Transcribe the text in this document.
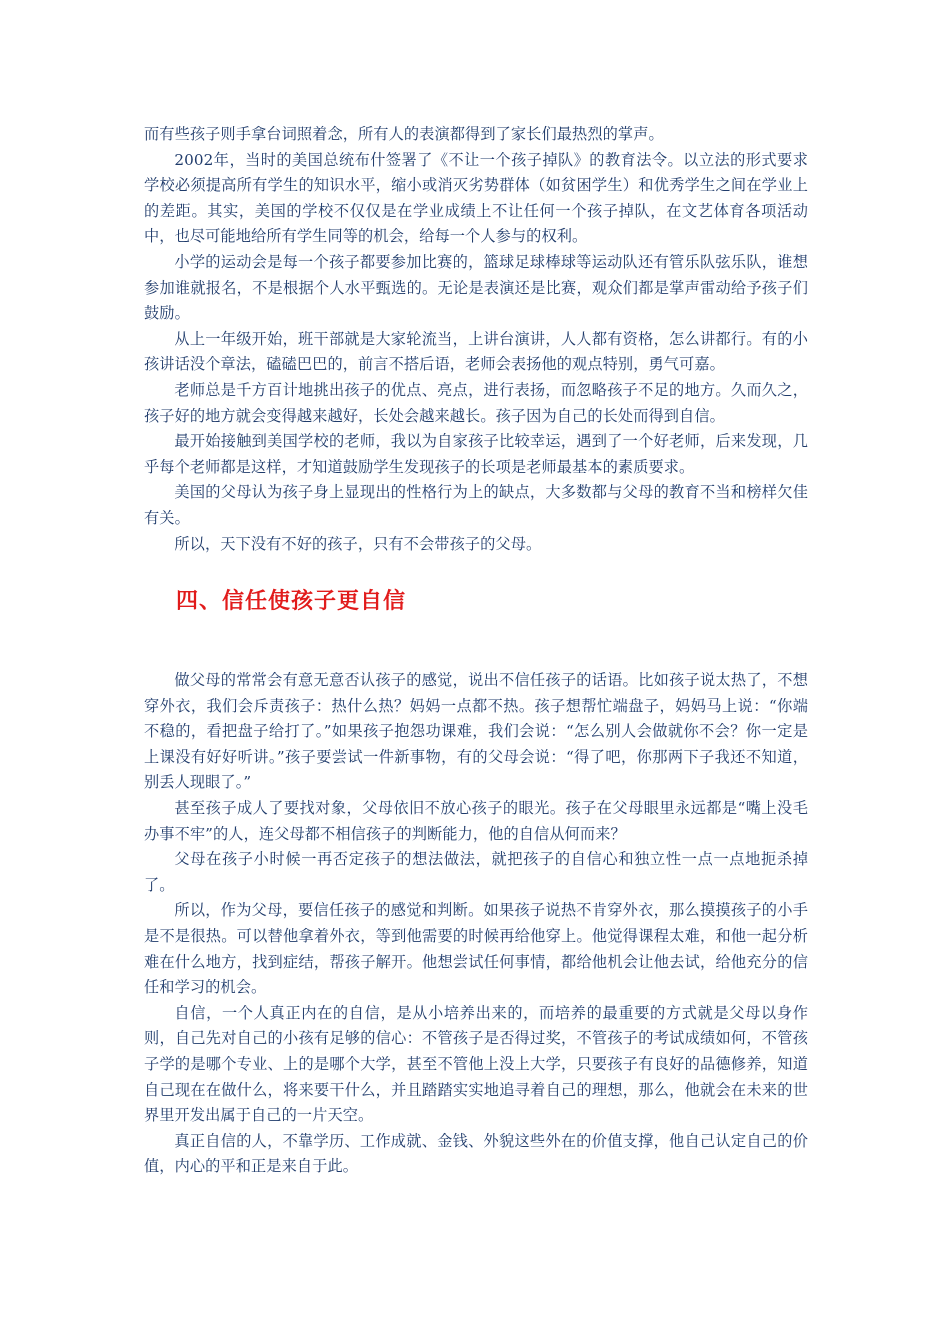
而有些孩子则手拿台词照着念，所有人的表演都得到了家长们最热烈的掌声。

2002年，当时的美国总统布什签署了《不让一个孩子掉队》的教育法令。以立法的形式要求学校必须提高所有学生的知识水平，缩小或消灭劣势群体（如贫困学生）和优秀学生之间在学业上的差距。其实，美国的学校不仅仅是在学业成绩上不让任何一个孩子掉队，在文艺体育各项活动中，也尽可能地给所有学生同等的机会，给每一个人参与的权利。

小学的运动会是每一个孩子都要参加比赛的，篮球足球棒球等运动队还有管乐队弦乐队，谁想参加谁就报名，不是根据个人水平甄选的。无论是表演还是比赛，观众们都是掌声雷动给予孩子们鼓励。

从上一年级开始，班干部就是大家轮流当，上讲台演讲，人人都有资格，怎么讲都行。有的小孩讲话没个章法，磕磕巴巴的，前言不搭后语，老师会表扬他的观点特别，勇气可嘉。

老师总是千方百计地挑出孩子的优点、亮点，进行表扬，而忽略孩子不足的地方。久而久之，孩子好的地方就会变得越来越好，长处会越来越长。孩子因为自己的长处而得到自信。

最开始接触到美国学校的老师，我以为自家孩子比较幸运，遇到了一个好老师，后来发现，几乎每个老师都是这样，才知道鼓励学生发现孩子的长项是老师最基本的素质要求。

美国的父母认为孩子身上显现出的性格行为上的缺点，大多数都与父母的教育不当和榜样欠佳有关。

所以，天下没有不好的孩子，只有不会带孩子的父母。

四、信任使孩子更自信

做父母的常常会有意无意否认孩子的感觉，说出不信任孩子的话语。比如孩子说太热了，不想穿外衣，我们会斥责孩子：热什么热？妈妈一点都不热。孩子想帮忙端盘子，妈妈马上说：“你端不稳的，看把盘子给打了。”如果孩子抱怨功课难，我们会说：“怎么别人会做就你不会？你一定是上课没有好好听讲。”孩子要尝试一件新事物，有的父母会说：“得了吧，你那两下子我还不知道，别丢人现眼了。”

甚至孩子成人了要找对象，父母依旧不放心孩子的眼光。孩子在父母眼里永远都是“嘴上没毛办事不牢”的人，连父母都不相信孩子的判断能力，他的自信从何而来？

父母在孩子小时候一再否定孩子的想法做法，就把孩子的自信心和独立性一点一点地扼杀掉了。

所以，作为父母，要信任孩子的感觉和判断。如果孩子说热不肯穿外衣，那么摸摸孩子的小手是不是很热。可以替他拿着外衣，等到他需要的时候再给他穿上。他觉得课程太难，和他一起分析难在什么地方，找到症结，帮孩子解开。他想尝试任何事情，都给他机会让他去试，给他充分的信任和学习的机会。

自信，一个人真正内在的自信，是从小培养出来的，而培养的最重要的方式就是父母以身作则，自己先对自己的小孩有足够的信心：不管孩子是否得过奖，不管孩子的考试成绩如何，不管孩子学的是哪个专业、上的是哪个大学，甚至不管他上没上大学，只要孩子有良好的品德修养，知道自己现在在做什么，将来要干什么，并且踏踏实实地追寻着自己的理想，那么，他就会在未来的世界里开发出属于自己的一片天空。

真正自信的人，不靠学历、工作成就、金钱、外貌这些外在的价值支撑，他自己认定自己的价值，内心的平和正是来自于此。
